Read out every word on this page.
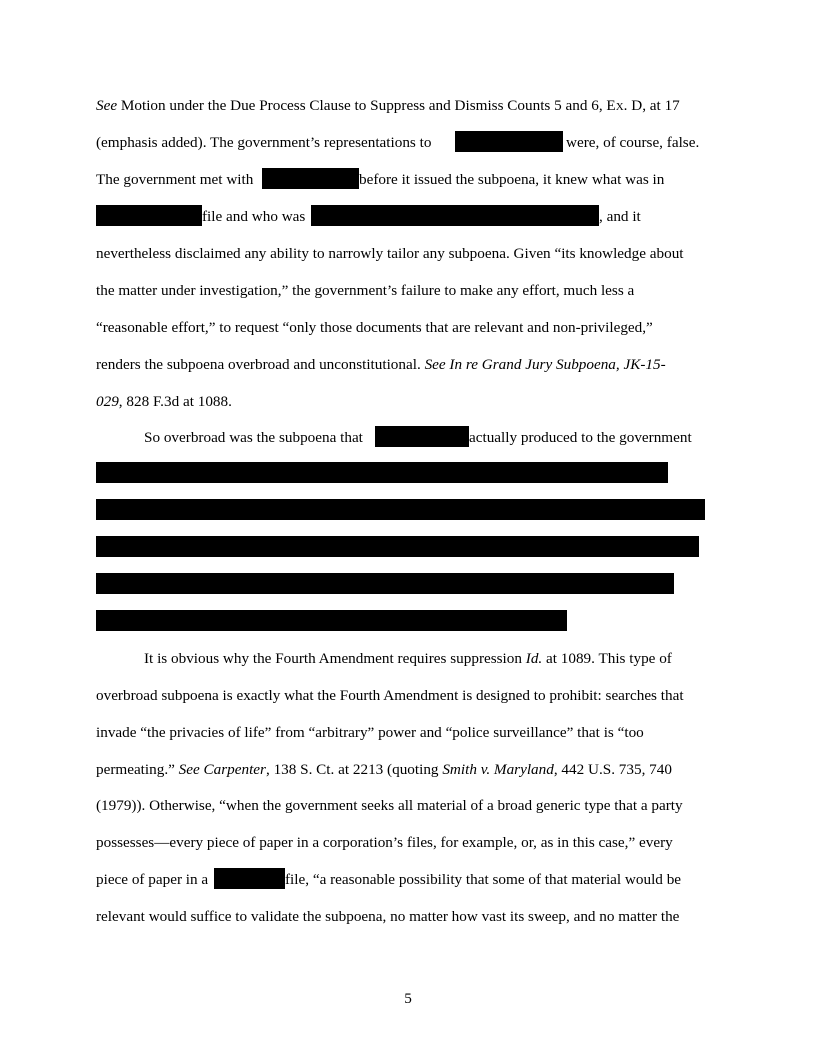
See Motion under the Due Process Clause to Suppress and Dismiss Counts 5 and 6, Ex. D, at 17
(emphasis added). The government’s representations to	were, of course, false.
The government met with	before it issued the subpoena, it knew what was in
file and who was	, and it
nevertheless disclaimed any ability to narrowly tailor any subpoena. Given “its knowledge about
the matter under investigation,” the government’s failure to make any effort, much less a
“reasonable effort,” to request “only those documents that are relevant and non-privileged,”
renders the subpoena overbroad and unconstitutional. See In re Grand Jury Subpoena, JK-15-
029, 828 F.3d at 1088.
So overbroad was the subpoena that	actually produced to the government
It is obvious why the Fourth Amendment requires suppression Id. at 1089. This type of
overbroad subpoena is exactly what the Fourth Amendment is designed to prohibit: searches that
invade “the privacies of life” from “arbitrary” power and “police surveillance” that is “too
permeating.” See Carpenter, 138 S. Ct. at 2213 (quoting Smith v. Maryland, 442 U.S. 735, 740
(1979)). Otherwise, “when the government seeks all material of a broad generic type that a party
possesses—every piece of paper in a corporation’s files, for example, or, as in this case,” every
piece of paper in a	file, “a reasonable possibility that some of that material would be
relevant would suffice to validate the subpoena, no matter how vast its sweep, and no matter the
5
